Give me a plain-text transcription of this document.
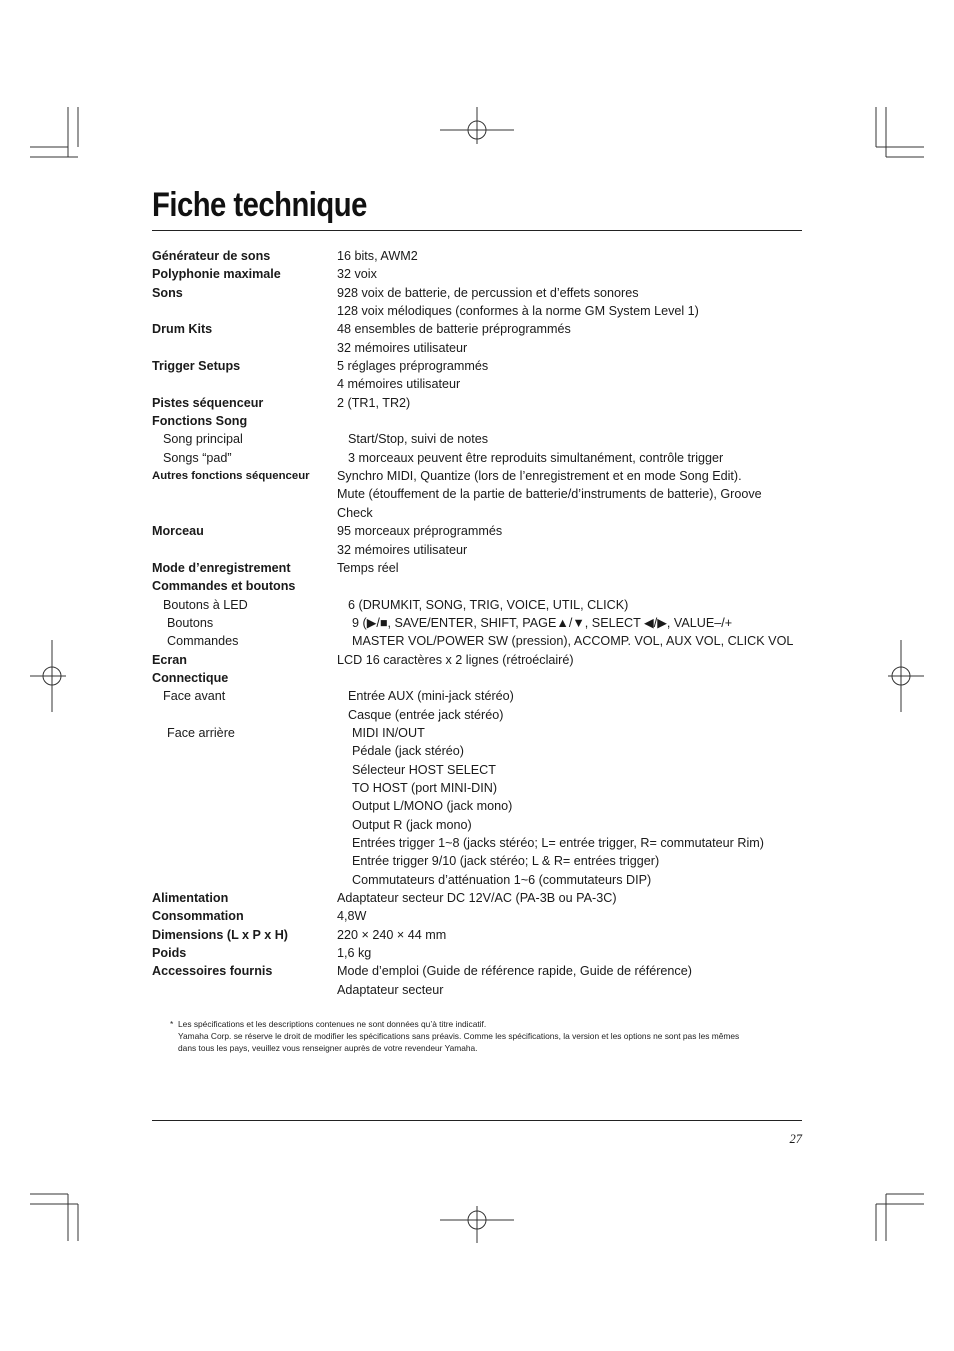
Fiche technique
Générateur de sons	16 bits, AWM2
Polyphonie maximale	32 voix
Sons	928 voix de batterie, de percussion et d’effets sonores
128 voix mélodiques (conformes à la norme GM System Level 1)
Drum Kits	48 ensembles de batterie préprogrammés
32 mémoires utilisateur
Trigger Setups	5 réglages préprogrammés
4 mémoires utilisateur
Pistes séquenceur	2 (TR1, TR2)
Fonctions Song

Song principal	Start/Stop, suivi de notes
Songs “pad”	3 morceaux peuvent être reproduits simultanément, contrôle trigger
Autres fonctions séquenceur	Synchro MIDI, Quantize (lors de l’enregistrement et en mode Song Edit).
Mute (étouffement de la partie de batterie/d’instruments de batterie), Groove
Check
Morceau	95 morceaux préprogrammés
32 mémoires utilisateur
Mode d’enregistrement	Temps réel
Commandes et boutons

Boutons à LED	6 (DRUMKIT, SONG, TRIG, VOICE, UTIL, CLICK)
Boutons	9 (▶/■, SAVE/ENTER, SHIFT, PAGE▲/▼, SELECT ◀/▶, VALUE–/+
Commandes	MASTER VOL/POWER SW (pression), ACCOMP. VOL, AUX VOL, CLICK VOL
Ecran	LCD 16 caractères x 2 lignes (rétroéclairé)
Connectique

Face avant	Entrée AUX (mini-jack stéréo)
Casque (entrée jack stéréo)
Face arrière	MIDI IN/OUT
Pédale (jack stéréo)
Sélecteur HOST SELECT
TO HOST (port MINI-DIN)
Output L/MONO (jack mono)
Output R (jack mono)
Entrées trigger 1~8 (jacks stéréo; L= entrée trigger, R= commutateur Rim)
Entrée trigger 9/10 (jack stéréo; L & R= entrées trigger)
Commutateurs d’atténuation 1~6 (commutateurs DIP)
Alimentation	Adaptateur secteur DC 12V/AC (PA-3B ou PA-3C)
Consommation	4,8W
Dimensions (L x P x H)	220 × 240 × 44 mm
Poids	1,6 kg
Accessoires fournis	Mode d’emploi (Guide de référence rapide, Guide de référence)
Adaptateur secteur
* Les spécifications et les descriptions contenues ne sont données qu’à titre indicatif.
Yamaha Corp. se réserve le droit de modifier les spécifications sans préavis. Comme les spécifications, la version et les options ne sont pas les mêmes
dans tous les pays, veuillez vous renseigner auprès de votre revendeur Yamaha.
27
